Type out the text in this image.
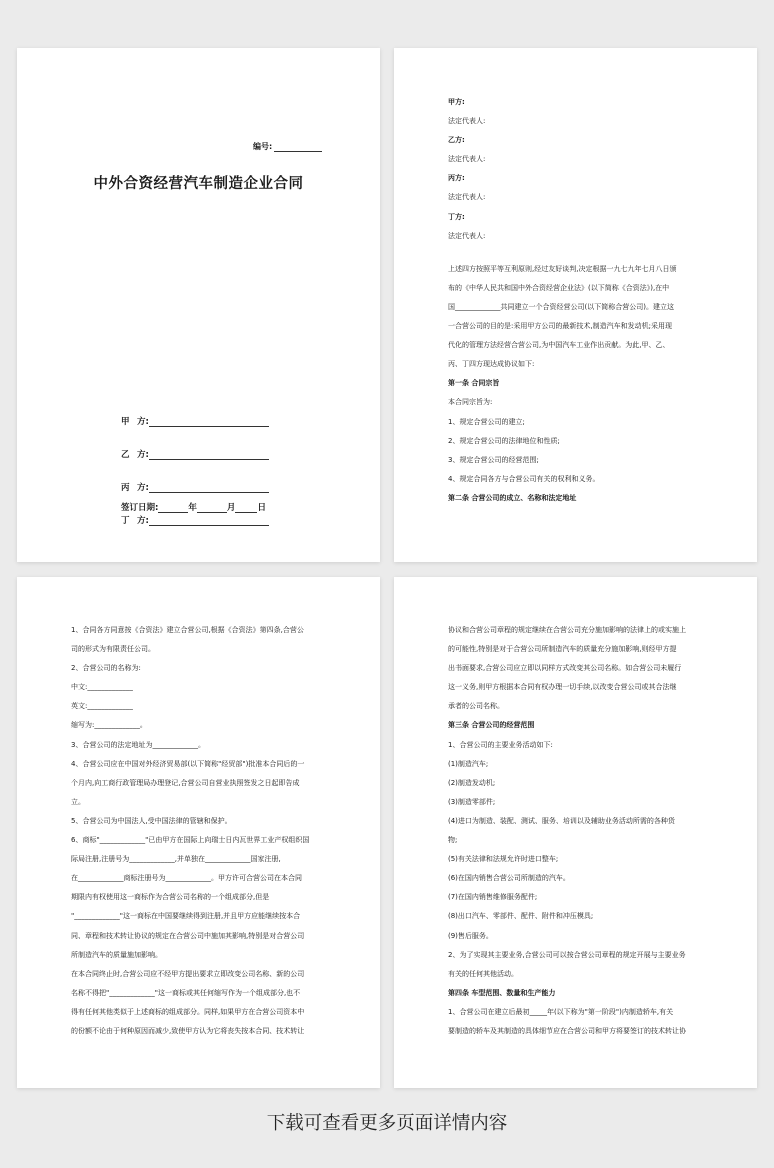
编号:
中外合资经营汽车制造企业合同
甲 方:
乙 方:
丙 方:
丁 方:
签订日期:	年	月	日

甲方:

法定代表人:

乙方:

法定代表人:

丙方:

法定代表人:

丁方:

法定代表人:

上述四方按照平等互利原则,经过友好谈判,决定根据一九七九年七月八日颁

布的《中华人民共和国中外合资经营企业法》(以下简称《合资法》),在中

国_____________共同建立一个合资经营公司(以下简称合营公司)。建立这

一合营公司的目的是:采用甲方公司的最新技术,制造汽车和发动机;采用现

代化的管理方法经营合营公司,为中国汽车工业作出贡献。为此,甲、乙、

丙、丁四方现达成协议如下:

第一条 合同宗旨

本合同宗旨为:

1、规定合营公司的建立;

2、规定合营公司的法律地位和性质;

3、规定合营公司的经营范围;

4、规定合同各方与合营公司有关的权利和义务。

第二条 合营公司的成立、名称和法定地址

1、合同各方同意按《合资法》建立合营公司,根据《合资法》第四条,合营公

司的形式为有限责任公司。

2、合营公司的名称为:

中文:_____________

英文:_____________

缩写为:_____________。

3、合营公司的法定地址为_____________。

4、合营公司应在中国对外经济贸易部(以下简称"经贸部")批准本合同后的一

个月内,向工商行政管理局办理登记,合营公司自营业执照签发之日起即告成

立。

5、合营公司为中国法人,受中国法律的管辖和保护。

6、商标"_____________"已由甲方在国际上向瑞士日内瓦世界工业产权组织国

际局注册,注册号为_____________,并单独在_____________国家注册,

在_____________商标注册号为_____________。甲方许可合营公司在本合同

期限内有权使用这一商标作为合营公司名称的一个组成部分,但是

"_____________"这一商标在中国要继续得到注册,并且甲方应能继续按本合

同、章程和技术转让协议的规定在合营公司中施加其影响,特别是对合营公司

所制造汽车的质量施加影响。

在本合同终止时,合营公司应不经甲方提出要求立即改变公司名称、新的公司

名称不得把"_____________"这一商标或其任何缩写作为一个组成部分,也不

得有任何其他类似于上述商标的组成部分。同样,如果甲方在合营公司资本中

的份额不论由于何种原因而减少,致使甲方认为它将丧失按本合同、技术转让

协议和合营公司章程的规定继续在合营公司充分施加影响的法律上的或实施上

的可能性,特别是对于合营公司所制造汽车的质量充分施加影响,则经甲方提

出书面要求,合营公司应立即以同样方式改变其公司名称。如合营公司未履行

这一义务,则甲方根据本合同有权办理一切手续,以改变合营公司或其合法继

承者的公司名称。

第三条 合营公司的经营范围

1、合营公司的主要业务活动如下:

(1)制造汽车;

(2)制造发动机;

(3)制造零部件;

(4)进口为制造、装配、测试、服务、培训以及辅助业务活动所需的各种货

物;

(5)有关法律和法规允许时进口整车;

(6)在国内销售合营公司所制造的汽车。

(7)在国内销售维修服务配件;

(8)出口汽车、零部件、配件、附件和冲压模具;

(9)售后服务。

2、为了实现其主要业务,合营公司可以按合营公司章程的规定开展与主要业务

有关的任何其他活动。

第四条 车型范围、数量和生产能力

1、合营公司在建立后最初_____年(以下称为"第一阶段")内制造轿车,有关

要制造的轿车及其制造的具体细节应在合营公司和甲方将要签订的技术转让协

下载可查看更多页面详情内容
